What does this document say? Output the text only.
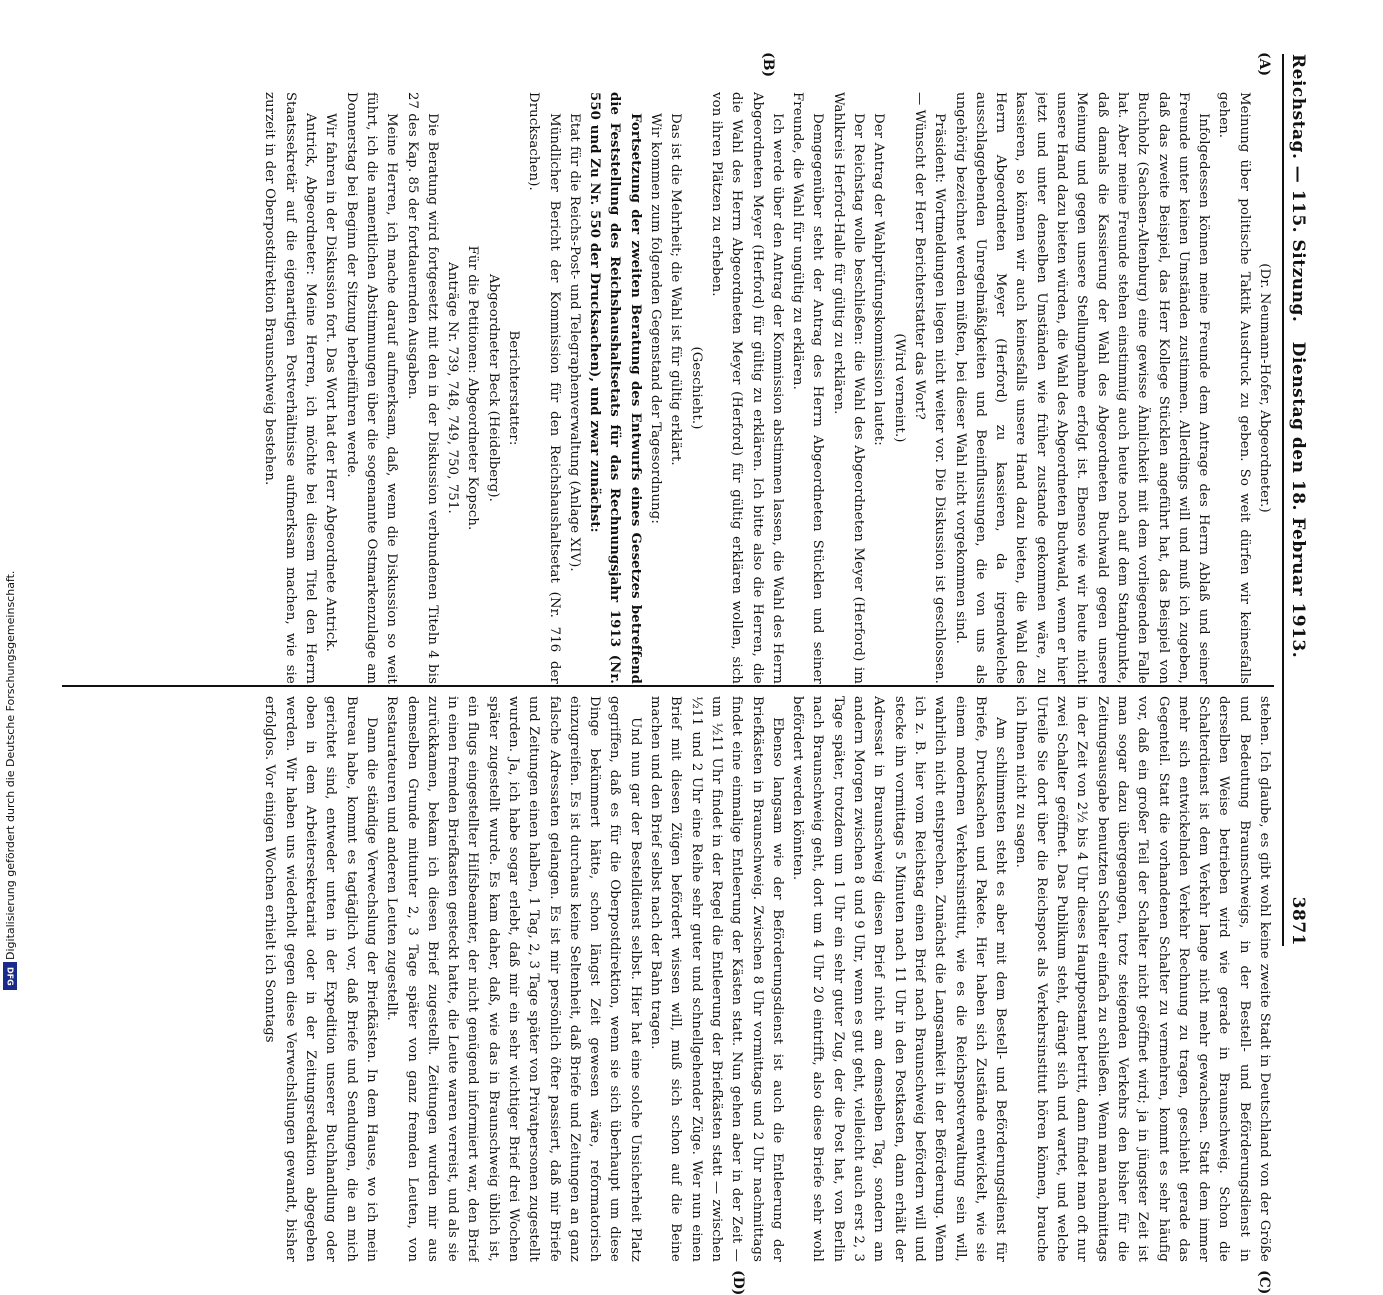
Reichstag. — 115. Sitzung.
Dienstag den 18. Februar 1913.
3871
(A)
(B)
(C)
(D)

(Dr. Neumann-Hofer, Abgeordneter.)

Meinung über politische Taktik Ausdruck zu geben. So weit dürfen wir keinesfalls gehen.

Infolgedessen können meine Freunde dem Antrage des Herrn Ablaß und seiner Freunde unter keinen Umständen zustimmen. Allerdings will und muß ich zugeben, daß das zweite Beispiel, das Herr Kollege Stücklen angeführt hat, das Beispiel von Buchholz (Sachsen-Altenburg) eine gewisse Ähnlichkeit mit dem vorliegenden Falle hat. Aber meine Freunde stehen einstimmig auch heute noch auf dem Standpunkte, daß damals die Kassierung der Wahl des Abgeordneten Buchwald gegen unsere Meinung und gegen unsere Stellungnahme erfolgt ist. Ebenso wie wir heute nicht unsere Hand dazu bieten würden, die Wahl des Abgeordneten Buchwald, wenn er hier jetzt und unter denselben Umständen wie früher zustande gekommen wäre, zu kassieren, so können wir auch keinesfalls unsere Hand dazu bieten, die Wahl des Herrn Abgeordneten Meyer (Herford) zu kassieren, da irgendwelche ausschlaggebenden Unregelmäßigkeiten und Beeinflussungen, die von uns als ungehörig bezeichnet werden müßten, bei dieser Wahl nicht vorgekommen sind.

Präsident: Wortmeldungen liegen nicht weiter vor. Die Diskussion ist geschlossen. — Wünscht der Herr Berichterstatter das Wort?

(Wird verneint.)

Der Antrag der Wahlprüfungskommission lautet:

Der Reichstag wolle beschließen: die Wahl des Abgeordneten Meyer (Herford) im Wahlkreis Herford-Halle für gültig zu erklären.

Demgegenüber steht der Antrag des Herrn Abgeordneten Stücklen und seiner Freunde, die Wahl für ungültig zu erklären.

Ich werde über den Antrag der Kommission abstimmen lassen, die Wahl des Herrn Abgeordneten Meyer (Herford) für gültig zu erklären. Ich bitte also die Herren, die die Wahl des Herrn Abgeordneten Meyer (Herford) für gültig erklären wollen, sich von ihren Plätzen zu erheben.

(Geschieht.)

Das ist die Mehrheit; die Wahl ist für gültig erklärt.

Wir kommen zum folgenden Gegenstand der Tagesordnung:

Fortsetzung der zweiten Beratung des Entwurfs eines Gesetzes betreffend die Feststellung des Reichshaushaltsetats für das Rechnungsjahr 1913 (Nr. 550 und Zu Nr. 550 der Drucksachen), und zwar zunächst:

Etat für die Reichs-Post- und Telegraphenverwaltung (Anlage XIV).

Mündlicher Bericht der Kommission für den Reichshaushaltsetat (Nr. 716 der Drucksachen).

Berichterstatter:

Abgeordneter Beck (Heidelberg).

Für die Petitionen: Abgeordneter Kopsch.

Anträge Nr. 739, 748, 749, 750, 751.

Die Beratung wird fortgesetzt mit den in der Diskussion verbundenen Titeln 4 bis 27 des Kap. 85 der fortdauernden Ausgaben.

Meine Herren, ich mache darauf aufmerksam, daß, wenn die Diskussion so weit führt, ich die namentlichen Abstimmungen über die sogenannte Ostmarkenzulage am Donnerstag bei Beginn der Sitzung herbeiführen werde.

Wir fahren in der Diskussion fort. Das Wort hat der Herr Abgeordnete Antrick.

Antrick, Abgeordneter: Meine Herren, ich möchte bei diesem Titel den Herrn Staatssekretär auf die eigenartigen Postverhältnisse aufmerksam machen, wie sie zurzeit in der Oberpostdirektion Braunschweig bestehen.

stehen. Ich glaube, es gibt wohl keine zweite Stadt in Deutschland von der Größe und Bedeutung Braunschweigs, in der Bestell- und Beförderungsdienst in derselben Weise betrieben wird wie gerade in Braunschweig. Schon die Schalterdienst ist dem Verkehr lange nicht mehr gewachsen. Statt dem immer mehr sich entwickelnden Verkehr Rechnung zu tragen, geschieht gerade das Gegenteil. Statt die vorhandenen Schalter zu vermehren, kommt es sehr häufig vor, daß ein großer Teil der Schalter nicht geöffnet wird; ja in jüngster Zeit ist man sogar dazu übergegangen, trotz steigenden Verkehrs den bisher für die Zeitungsausgabe benutzten Schalter einfach zu schließen. Wenn man nachmittags in der Zeit von 2½ bis 4 Uhr dieses Hauptpostamt betritt, dann findet man oft nur zwei Schalter geöffnet. Das Publikum steht, drängt sich und wartet, und welche Urteile Sie dort über die Reichspost als Verkehrsinstitut hören können, brauche ich Ihnen nicht zu sagen.

Am schlimmsten steht es aber mit dem Bestell- und Beförderungsdienst für Briefe, Drucksachen und Pakete. Hier haben sich Zustände entwickelt, wie sie einem modernen Verkehrsinstitut, wie es die Reichspostverwaltung sein will, wahrlich nicht entsprechen. Zunächst die Langsamkeit in der Beförderung. Wenn ich z. B. hier vom Reichstag einen Brief nach Braunschweig befördern will und stecke ihn vormittags 5 Minuten nach 11 Uhr in den Postkasten, dann erhält der Adressat in Braunschweig diesen Brief nicht am demselben Tag, sondern am andern Morgen zwischen 8 und 9 Uhr, wenn es gut geht, vielleicht auch erst 2, 3 Tage später, trotzdem um 1 Uhr ein sehr guter Zug, der die Post hat, von Berlin nach Braunschweig geht, dort um 4 Uhr 20 eintrifft, also diese Briefe sehr wohl befördert werden könnten.

Ebenso langsam wie der Beförderungsdienst ist auch die Entleerung der Briefkästen in Braunschweig. Zwischen 8 Uhr vormittags und 2 Uhr nachmittags findet eine einmalige Entleerung der Kästen statt. Nun gehen aber in der Zeit — um ½11 Uhr findet in der Regel die Entleerung der Briefkästen statt — zwischen ½11 und 2 Uhr eine Reihe sehr guter und schnellgehender Züge. Wer nun einen Brief mit diesen Zügen befördert wissen will, muß sich schon auf die Beine machen und den Brief selbst nach der Bahn tragen.

Und nun gar der Bestelldienst selbst. Hier hat eine solche Unsicherheit Platz gegriffen, daß es für die Oberpostdirektion, wenn sie sich überhaupt um diese Dinge bekümmert hätte, schon längst Zeit gewesen wäre, reformatorisch einzugreifen. Es ist durchaus keine Seltenheit, daß Briefe und Zeitungen an ganz falsche Adressaten gelangen. Es ist mir persönlich öfter passiert, daß mir Briefe und Zeitungen einen halben, 1 Tag, 2, 3 Tage später von Privatpersonen zugestellt wurden. Ja, ich habe sogar erlebt, daß mir ein sehr wichtiger Brief drei Wochen später zugestellt wurde. Es kam daher, daß, wie das in Braunschweig üblich ist, ein flugs eingestellter Hilfsbeamter, der nicht genügend informiert war, den Brief in einen fremden Briefkasten gesteckt hatte, die Leute waren verreist, und als sie zurückkamen, bekam ich diesen Brief zugestellt. Zeitungen wurden mir aus demselben Grunde mitunter 2, 3 Tage später von ganz fremden Leuten, von Restaurateuren und anderen Leuten zugestellt.

Dann die ständige Verwechslung der Briefkästen. In dem Hause, wo ich mein Bureau habe, kommt es tagtäglich vor, daß Briefe und Sendungen, die an mich gerichtet sind, entweder unten in der Expedition unserer Buchhandlung oder oben in dem Arbeitersekretariat oder in der Zeitungsredaktion abgegeben werden. Wir haben uns wiederholt gegen diese Verwechslungen gewandt, bisher erfolglos. Vor einigen Wochen erhielt ich Sonntags

Digitalisierung gefördert durch die Deutsche Forschungsgemeinschaft.
DFG
